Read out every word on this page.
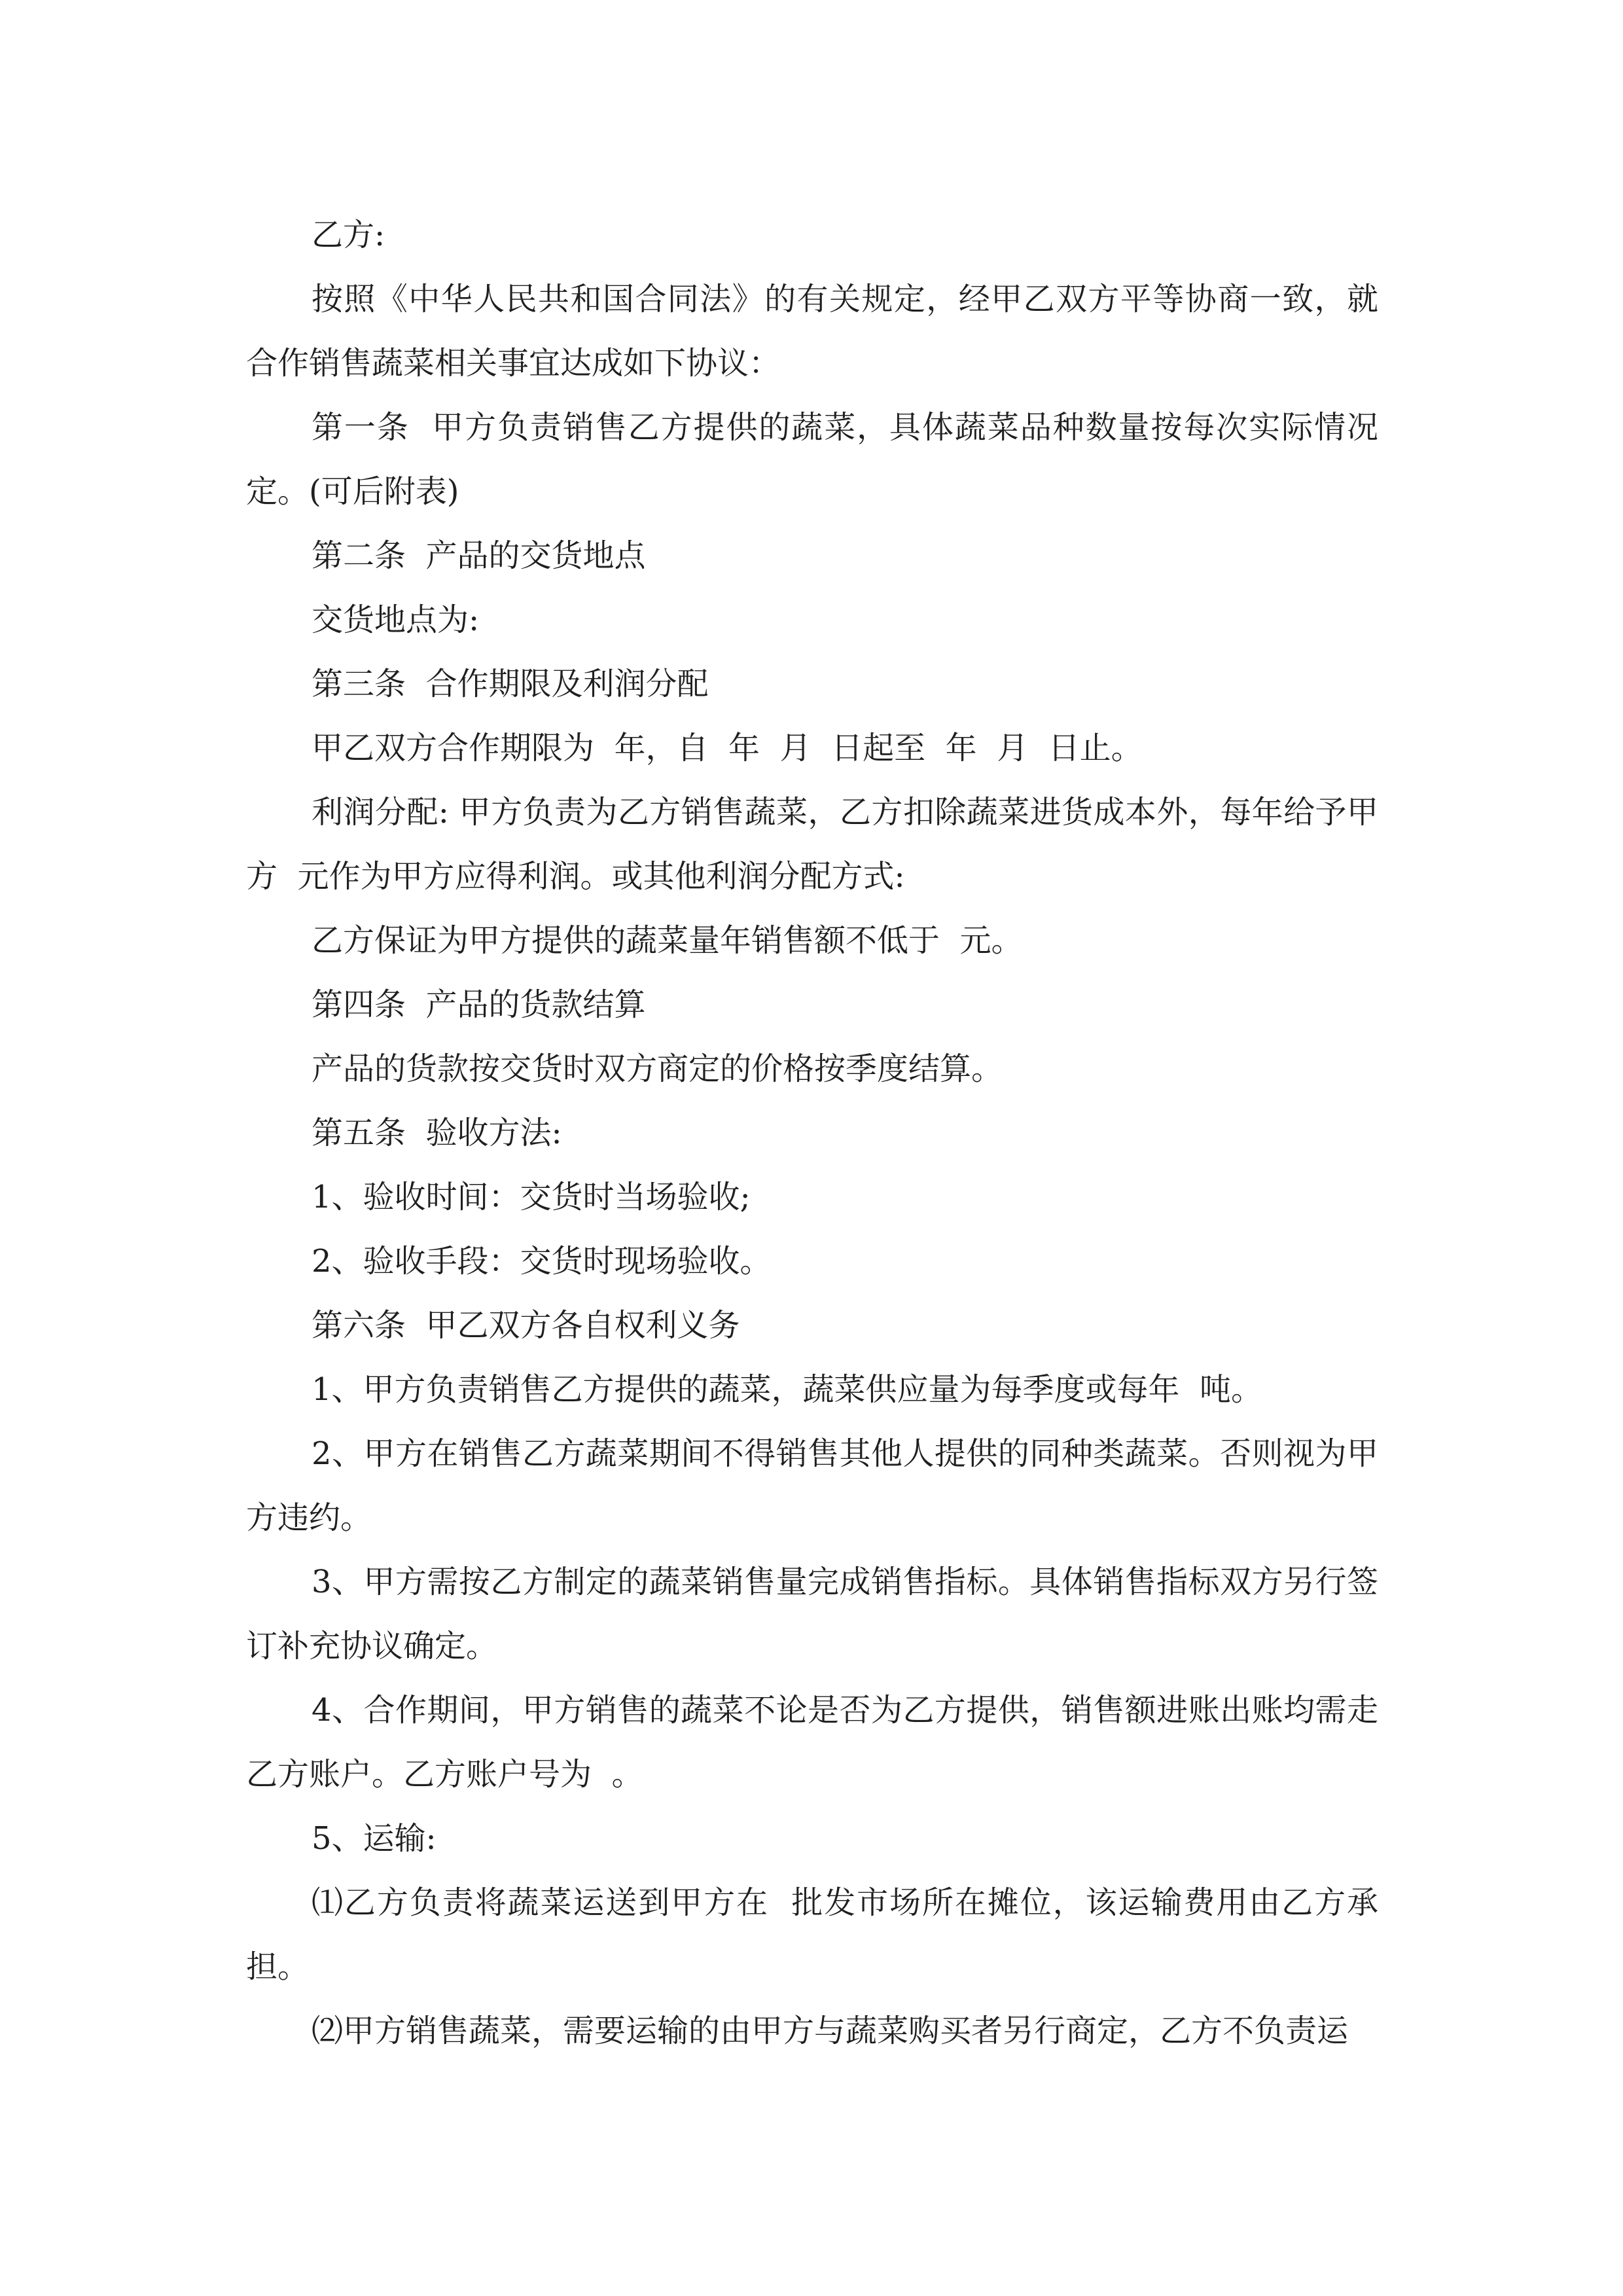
乙方:

按照《中华人民共和国合同法》的有关规定，经甲乙双方平等协商一致，就合作销售蔬菜相关事宜达成如下协议：

第一条  甲方负责销售乙方提供的蔬菜，具体蔬菜品种数量按每次实际情况定。(可后附表)

第二条  产品的交货地点

交货地点为:

第三条  合作期限及利润分配

甲乙双方合作期限为  年，自  年  月  日起至  年  月  日止。

利润分配: 甲方负责为乙方销售蔬菜，乙方扣除蔬菜进货成本外，每年给予甲方  元作为甲方应得利润。或其他利润分配方式:

乙方保证为甲方提供的蔬菜量年销售额不低于  元。

第四条  产品的货款结算

产品的货款按交货时双方商定的价格按季度结算。

第五条  验收方法:

1、验收时间：交货时当场验收;

2、验收手段：交货时现场验收。

第六条  甲乙双方各自权利义务

1、甲方负责销售乙方提供的蔬菜，蔬菜供应量为每季度或每年  吨。

2、甲方在销售乙方蔬菜期间不得销售其他人提供的同种类蔬菜。否则视为甲方违约。

3、甲方需按乙方制定的蔬菜销售量完成销售指标。具体销售指标双方另行签订补充协议确定。

4、合作期间，甲方销售的蔬菜不论是否为乙方提供，销售额进账出账均需走乙方账户。乙方账户号为  。

5、运输:

⑴乙方负责将蔬菜运送到甲方在  批发市场所在摊位，该运输费用由乙方承担。

⑵甲方销售蔬菜，需要运输的由甲方与蔬菜购买者另行商定，乙方不负责运
